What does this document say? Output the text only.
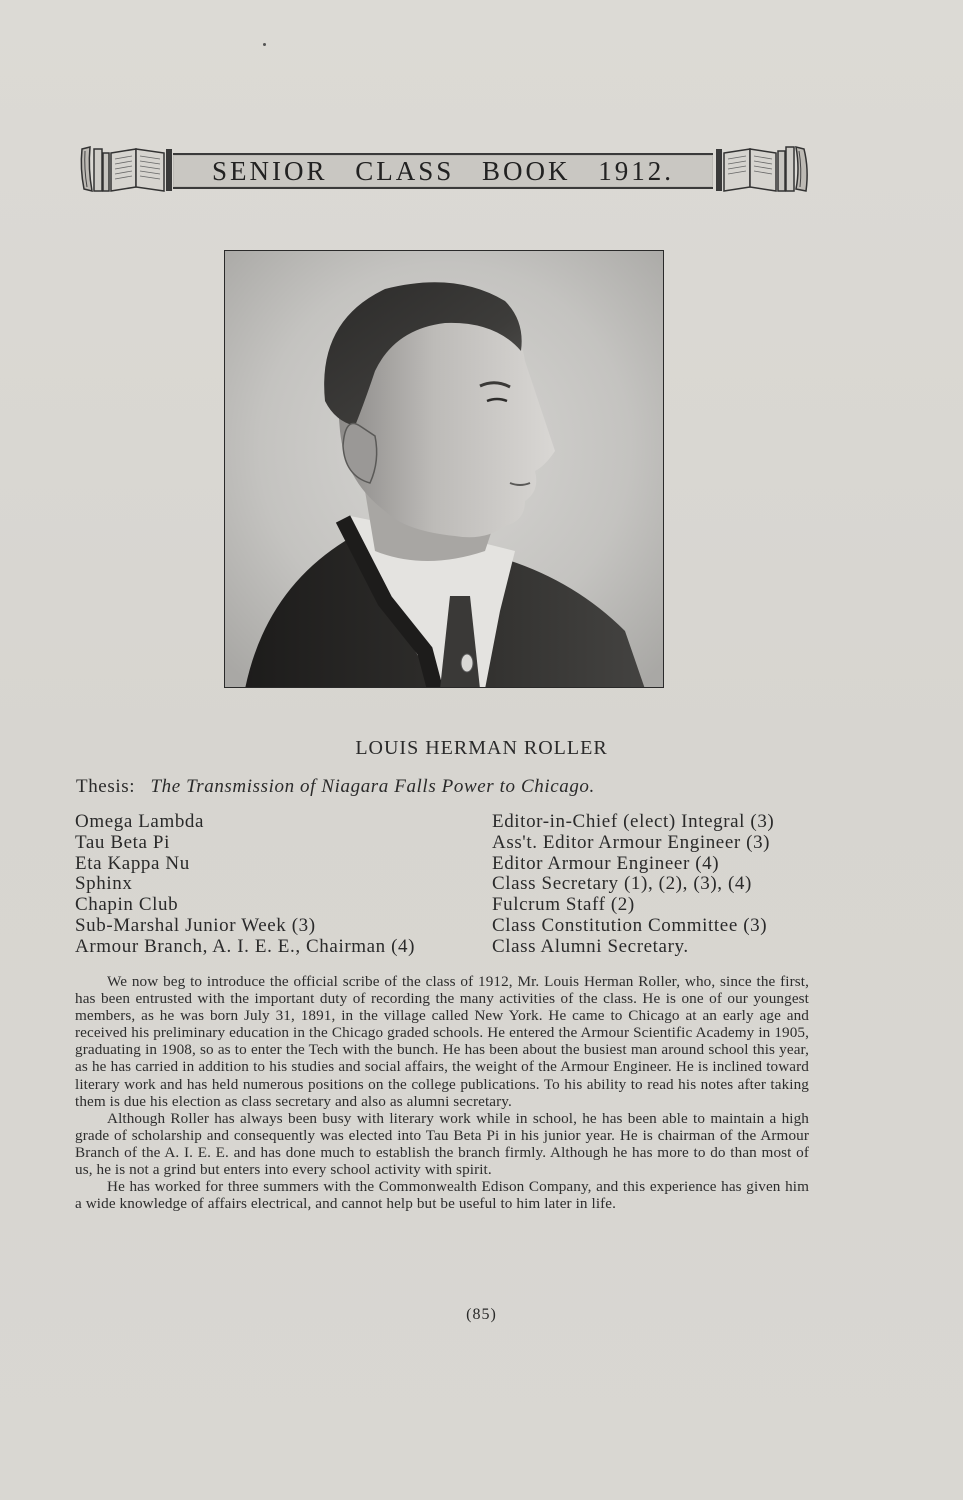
SENIOR CLASS BOOK 1912.
LOUIS HERMAN ROLLER
Thesis: The Transmission of Niagara Falls Power to Chicago.
Omega Lambda
Tau Beta Pi
Eta Kappa Nu
Sphinx
Chapin Club
Sub-Marshal Junior Week (3)
Armour Branch, A. I. E. E., Chairman (4)
Editor-in-Chief (elect) Integral (3)
Ass't. Editor Armour Engineer (3)
Editor Armour Engineer (4)
Class Secretary (1), (2), (3), (4)
Fulcrum Staff (2)
Class Constitution Committee (3)
Class Alumni Secretary.

We now beg to introduce the official scribe of the class of 1912, Mr. Louis Herman Roller, who, since the first, has been entrusted with the important duty of recording the many activities of the class. He is one of our youngest members, as he was born July 31, 1891, in the village called New York. He came to Chicago at an early age and received his preliminary education in the Chicago graded schools. He entered the Armour Scientific Academy in 1905, graduating in 1908, so as to enter the Tech with the bunch. He has been about the busiest man around school this year, as he has carried in addition to his studies and social affairs, the weight of the Armour Engineer. He is inclined toward literary work and has held numerous positions on the college publications. To his ability to read his notes after taking them is due his election as class secretary and also as alumni secretary.

Although Roller has always been busy with literary work while in school, he has been able to maintain a high grade of scholarship and consequently was elected into Tau Beta Pi in his junior year. He is chairman of the Armour Branch of the A. I. E. E. and has done much to establish the branch firmly. Although he has more to do than most of us, he is not a grind but enters into every school activity with spirit.

He has worked for three summers with the Commonwealth Edison Company, and this experience has given him a wide knowledge of affairs electrical, and cannot help but be useful to him later in life.

(85)
